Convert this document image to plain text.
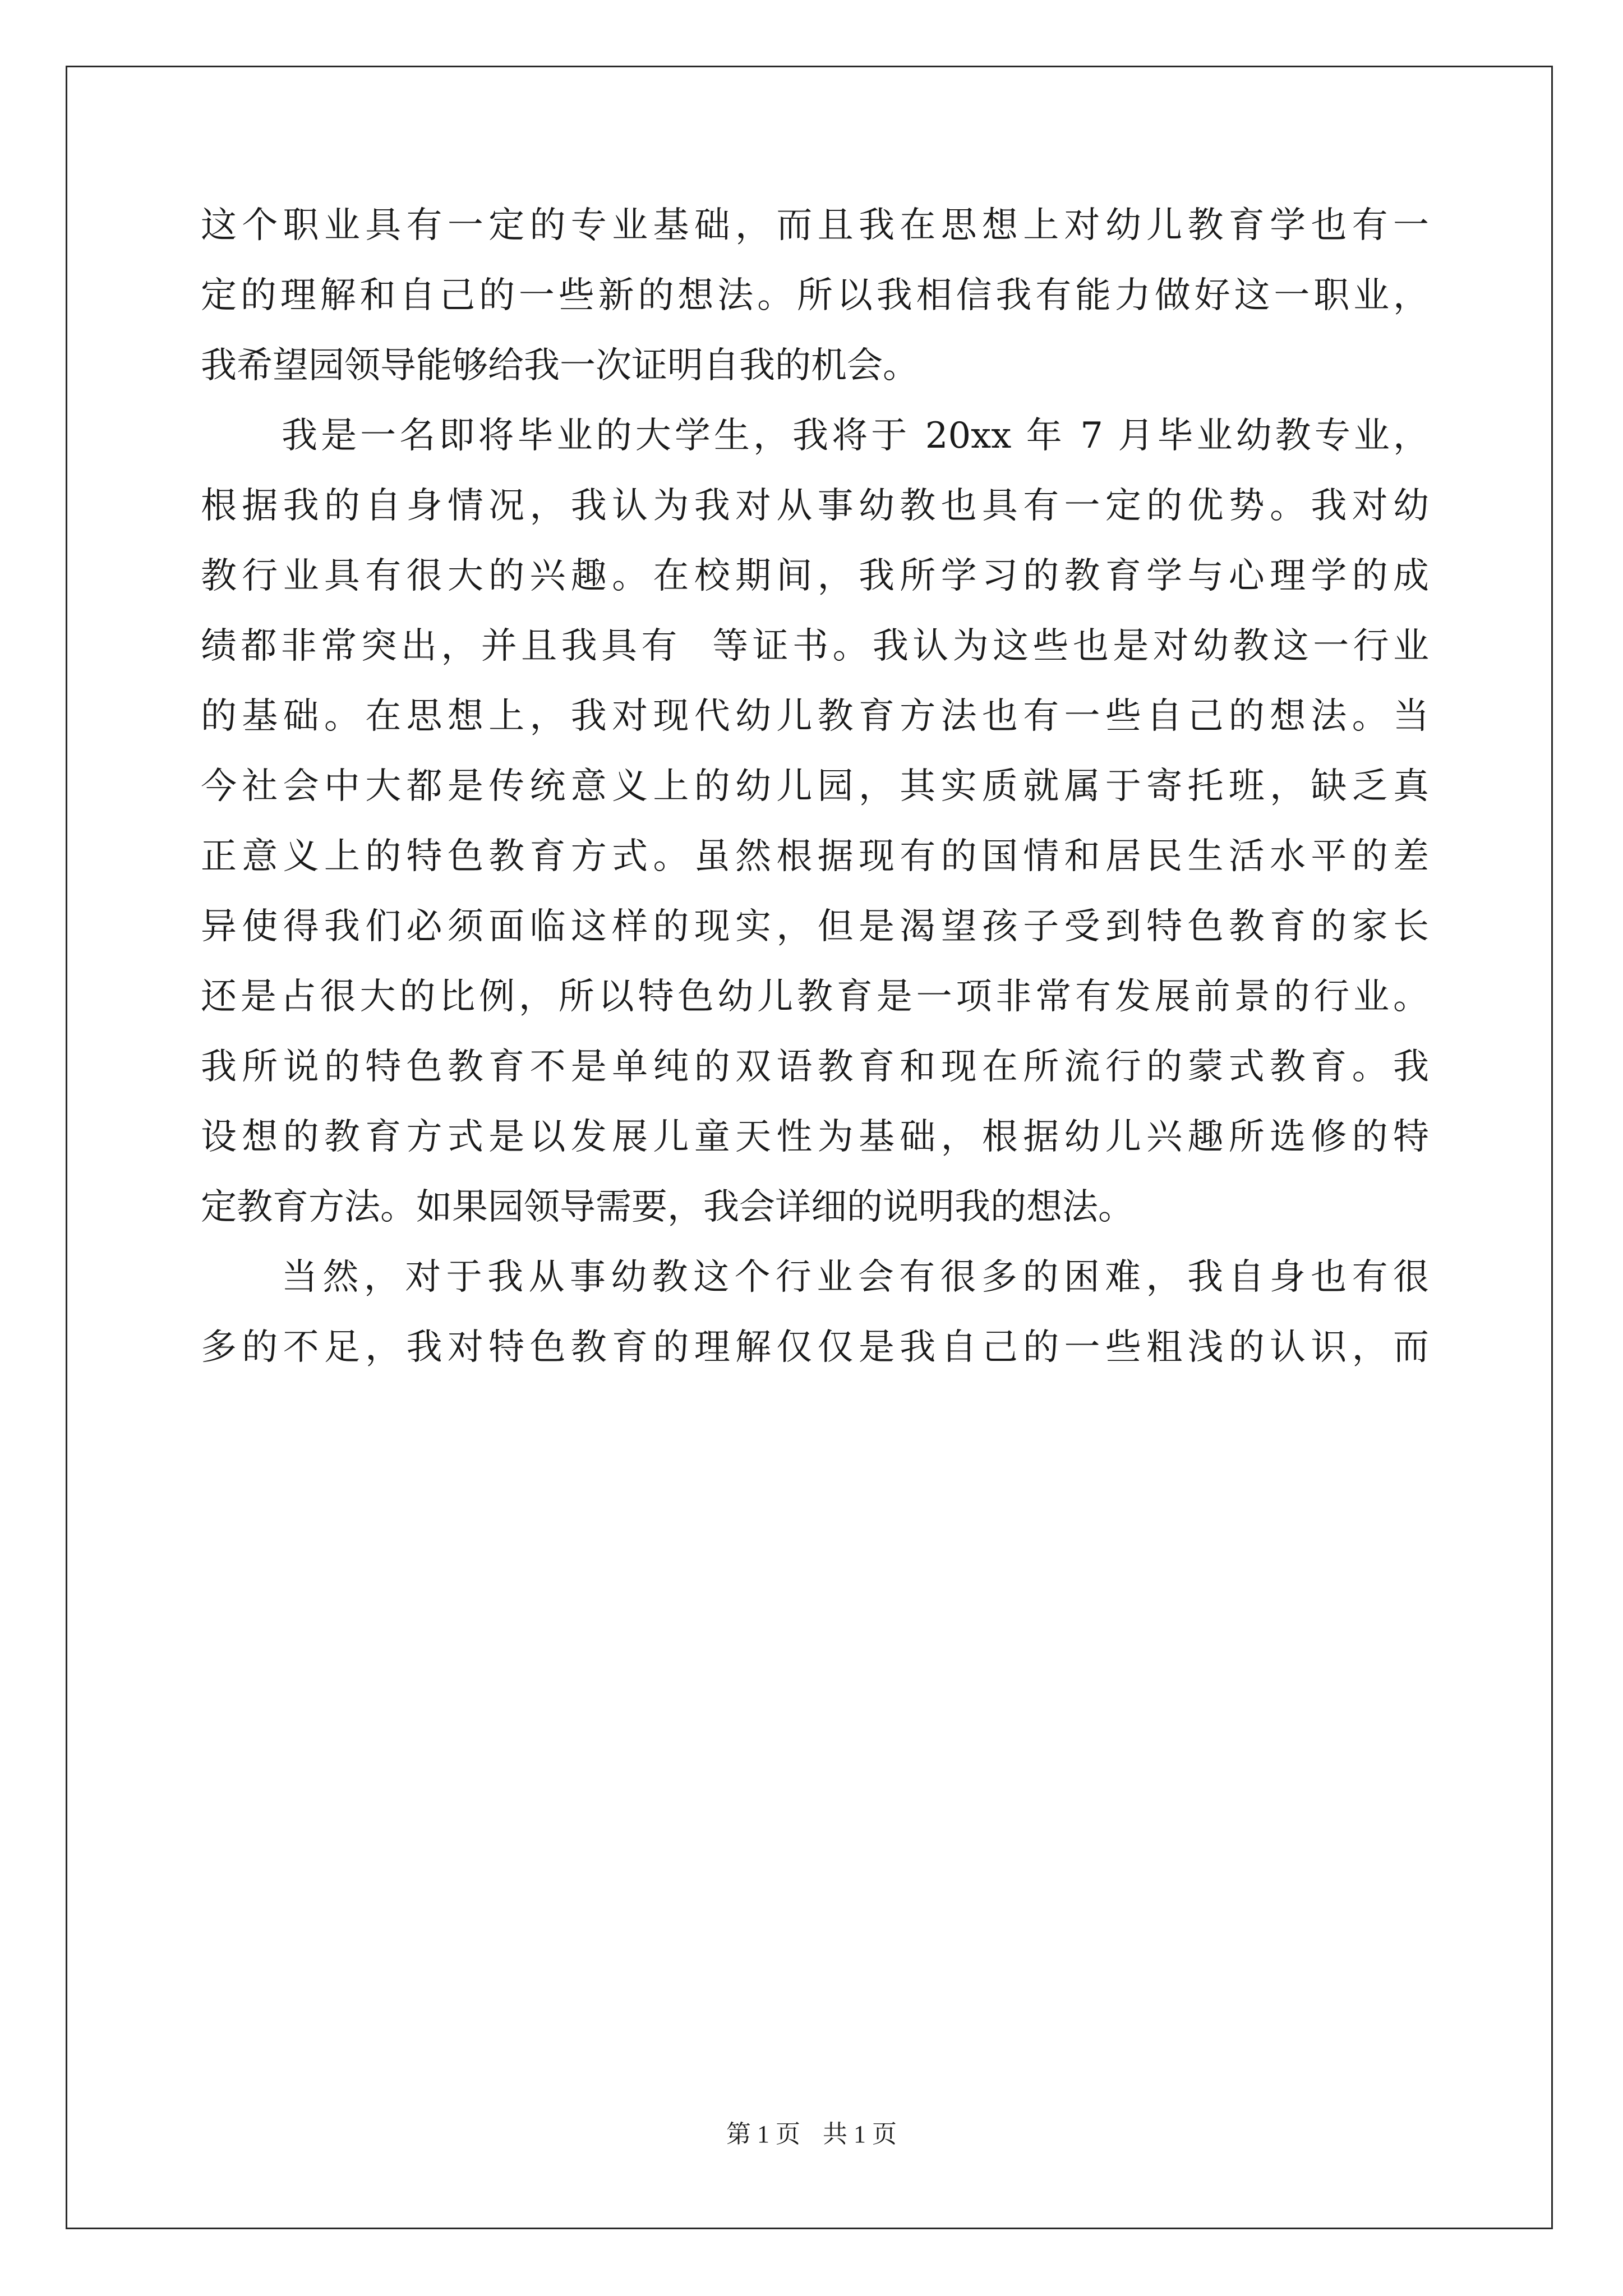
这个职业具有一定的专业基础，而且我在思想上对幼儿教育学也有一
定的理解和自己的一些新的想法。所以我相信我有能力做好这一职业，
我希望园领导能够给我一次证明自我的机会。
我是一名即将毕业的大学生，我将于 20xx 年 7 月毕业幼教专业，
根据我的自身情况，我认为我对从事幼教也具有一定的优势。我对幼
教行业具有很大的兴趣。在校期间，我所学习的教育学与心理学的成
绩都非常突出，并且我具有  等证书。我认为这些也是对幼教这一行业
的基础。在思想上，我对现代幼儿教育方法也有一些自己的想法。当
今社会中大都是传统意义上的幼儿园，其实质就属于寄托班，缺乏真
正意义上的特色教育方式。虽然根据现有的国情和居民生活水平的差
异使得我们必须面临这样的现实，但是渴望孩子受到特色教育的家长
还是占很大的比例，所以特色幼儿教育是一项非常有发展前景的行业。
我所说的特色教育不是单纯的双语教育和现在所流行的蒙式教育。我
设想的教育方式是以发展儿童天性为基础，根据幼儿兴趣所选修的特
定教育方法。如果园领导需要，我会详细的说明我的想法。
当然，对于我从事幼教这个行业会有很多的困难，我自身也有很
多的不足，我对特色教育的理解仅仅是我自己的一些粗浅的认识，而
第 1 页 共 1 页
